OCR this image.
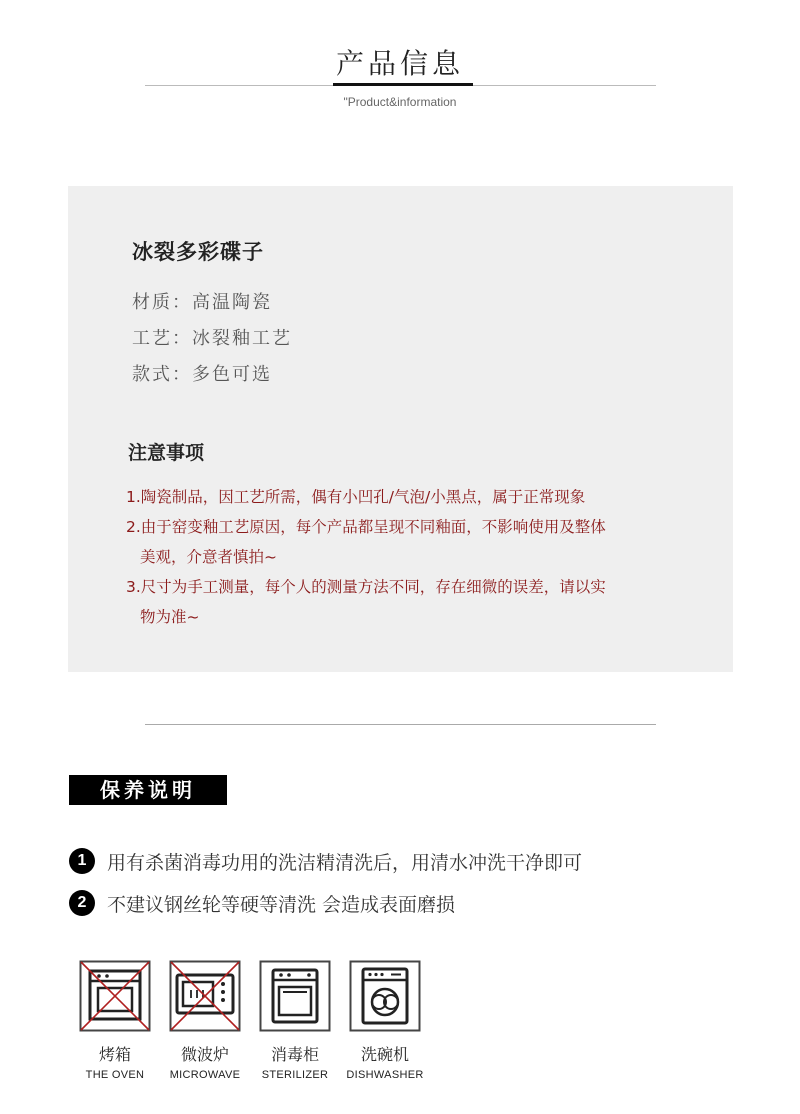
产品信息
"Product&information
冰裂多彩碟子
材质：高温陶瓷
工艺：冰裂釉工艺
款式：多色可选
注意事项
1.陶瓷制品，因工艺所需，偶有小凹孔/气泡/小黑点，属于正常现象
2.由于窑变釉工艺原因，每个产品都呈现不同釉面，不影响使用及整体
美观，介意者慎拍~
3.尺寸为手工测量，每个人的测量方法不同，存在细微的误差，请以实
物为准~
保养说明
1	用有杀菌消毒功用的洗洁精清洗后，用清水冲洗干净即可
2	不建议钢丝轮等硬等清洗 会造成表面磨损
烤箱
THE OVEN
微波炉
MICROWAVE
消毒柜
STERILIZER
洗碗机
DISHWASHER
